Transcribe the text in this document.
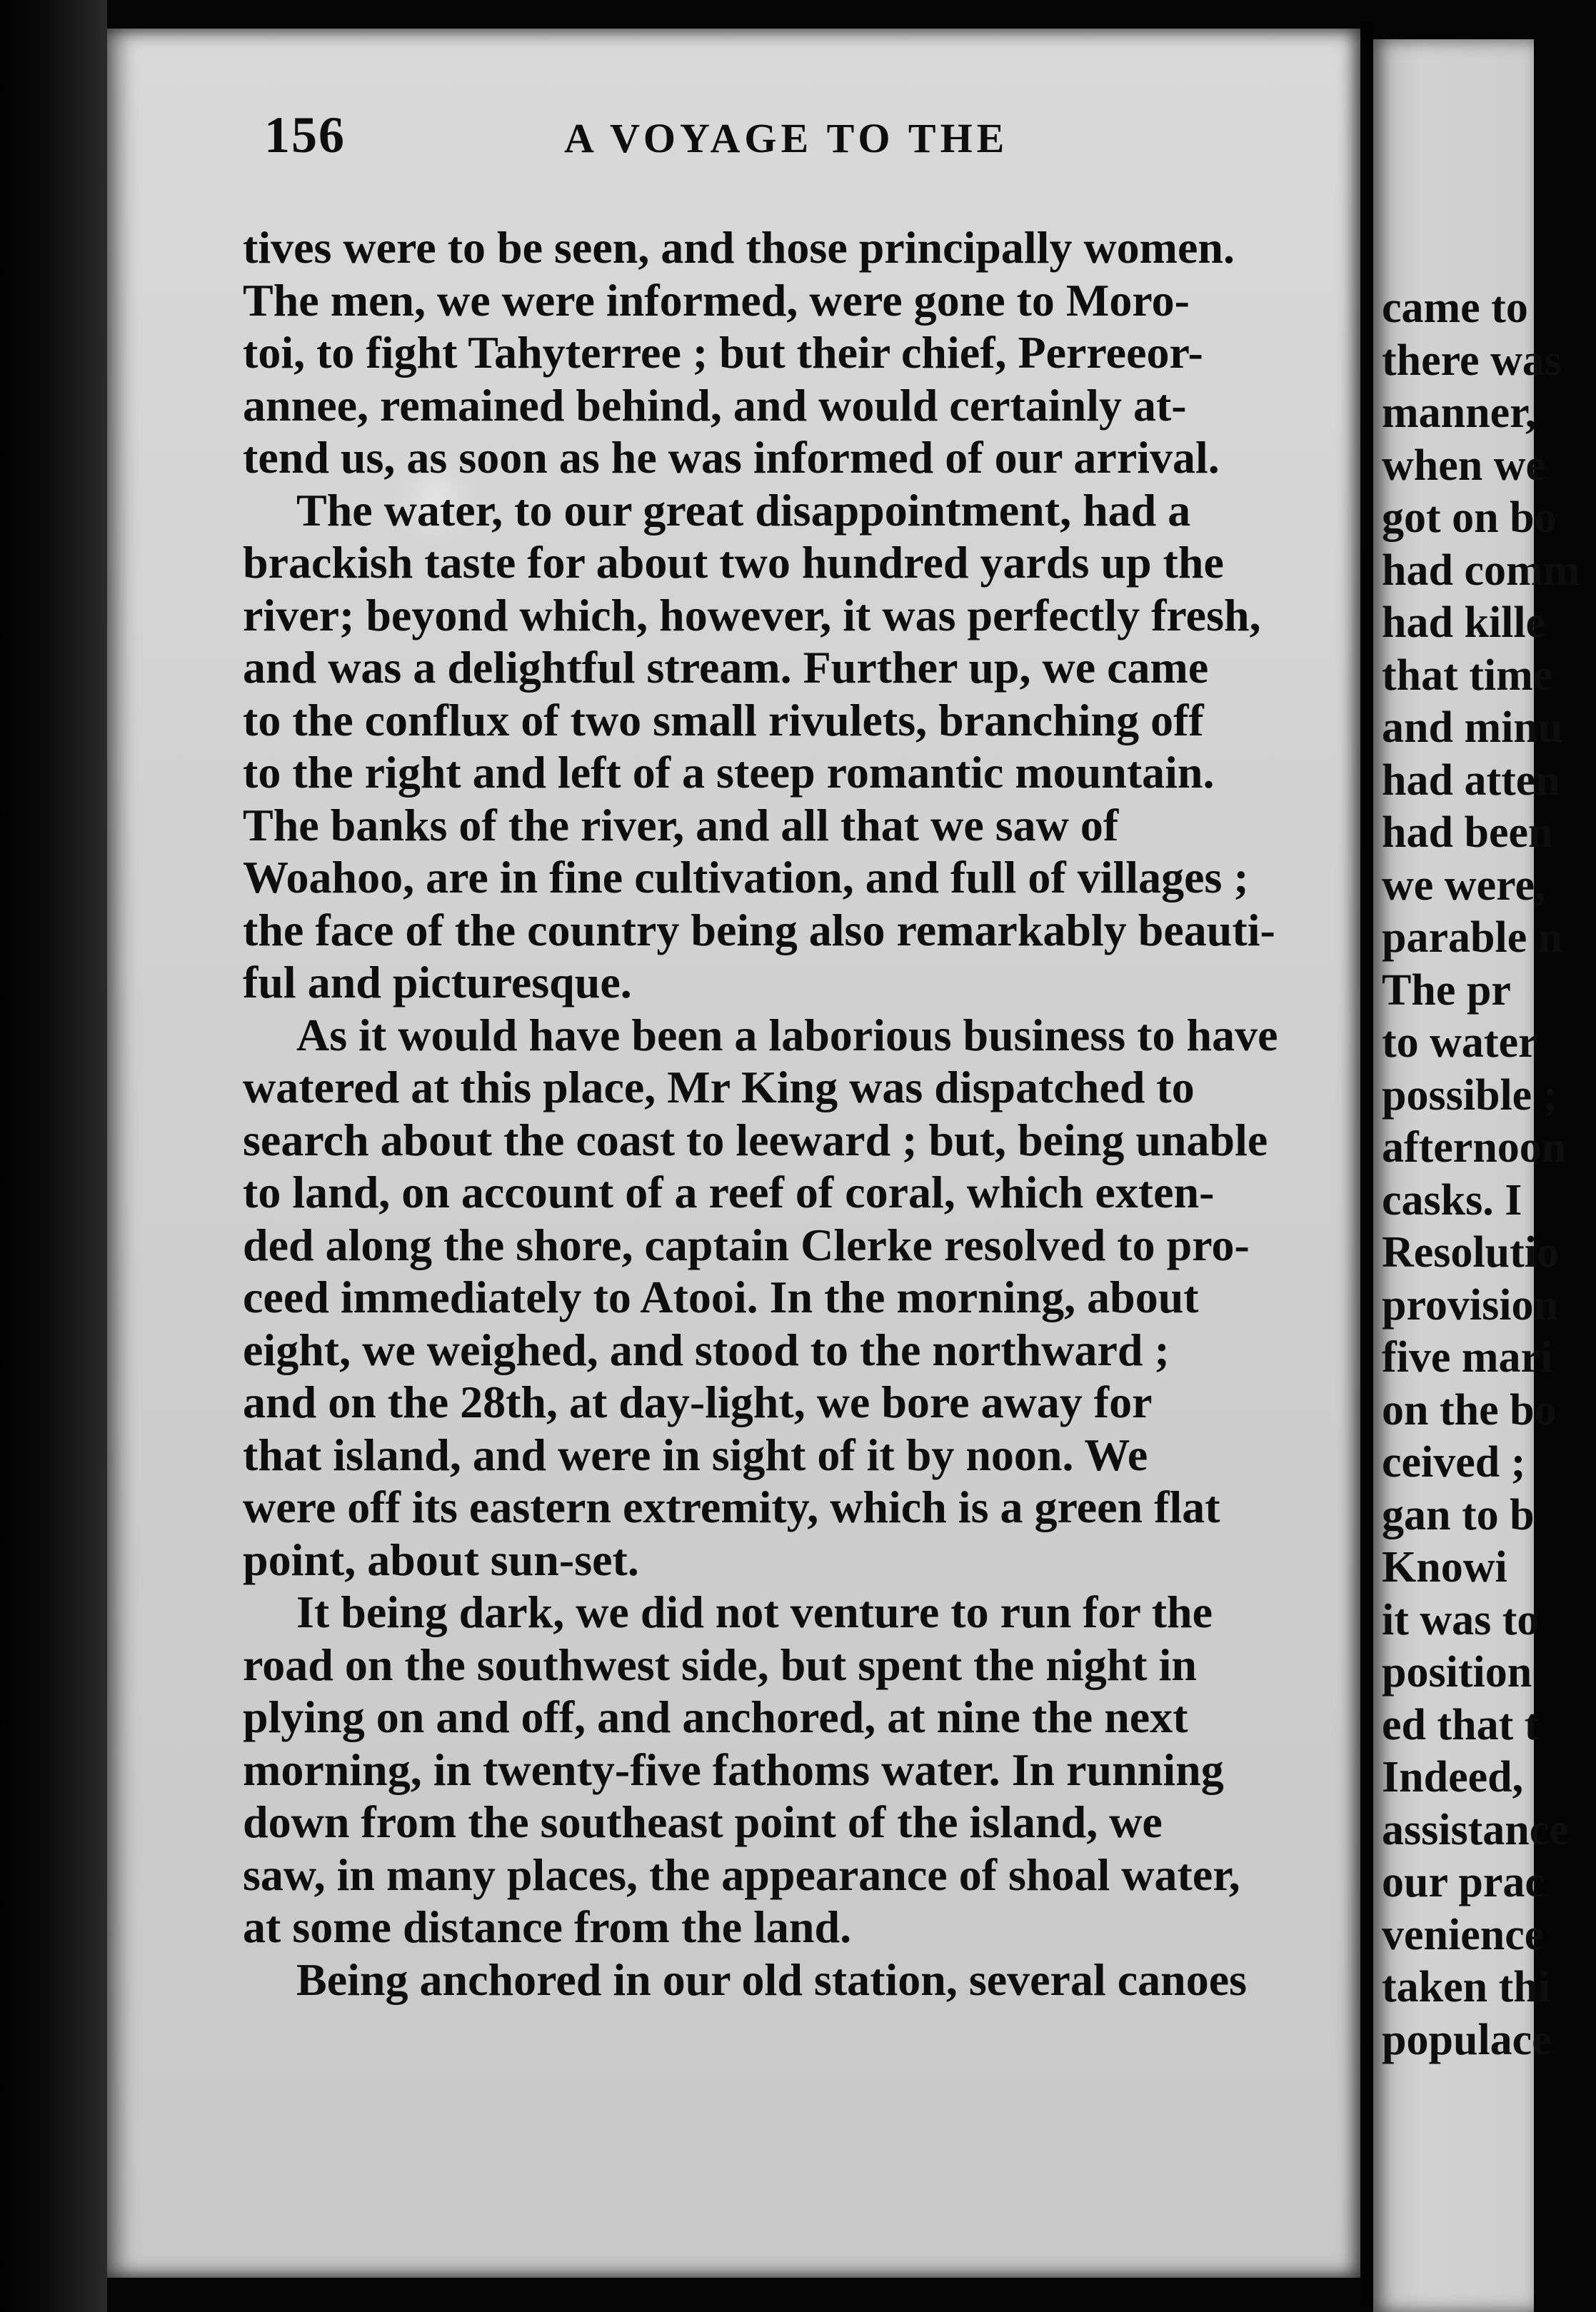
156	A VOYAGE TO THE
tives were to be seen, and those principally women.
The men, we were informed, were gone to Moro-
toi, to fight Tahyterree ; but their chief, Perreeor-
annee, remained behind, and would certainly at-
tend us, as soon as he was informed of our arrival.
The water, to our great disappointment, had a
brackish taste for about two hundred yards up the
river; beyond which, however, it was perfectly fresh,
and was a delightful stream. Further up, we came
to the conflux of two small rivulets, branching off
to the right and left of a steep romantic mountain.
The banks of the river, and all that we saw of
Woahoo, are in fine cultivation, and full of villages ;
the face of the country being also remarkably beauti-
ful and picturesque.
As it would have been a laborious business to have
watered at this place, Mr King was dispatched to
search about the coast to leeward ; but, being unable
to land, on account of a reef of coral, which exten-
ded along the shore, captain Clerke resolved to pro-
ceed immediately to Atooi. In the morning, about
eight, we weighed, and stood to the northward ;
and on the 28th, at day-light, we bore away for
that island, and were in sight of it by noon. We
were off its eastern extremity, which is a green flat
point, about sun-set.
It being dark, we did not venture to run for the
road on the southwest side, but spent the night in
plying on and off, and anchored, at nine the next
morning, in twenty-five fathoms water. In running
down from the southeast point of the island, we
saw, in many places, the appearance of shoal water,
at some distance from the land.
Being anchored in our old station, several canoes
came to
there was
manner,
when we
got on bo
had comm
had kille
that time
and minu
had atten
had been
we were,
parable n
The pr
to water
possible ;
afternoon
casks. I
Resolutio
provision
five mari
on the bo
ceived ;
gan to b
Knowi
it was to
position
ed that t
Indeed,
assistance
our prac
venience
taken thi
populace
